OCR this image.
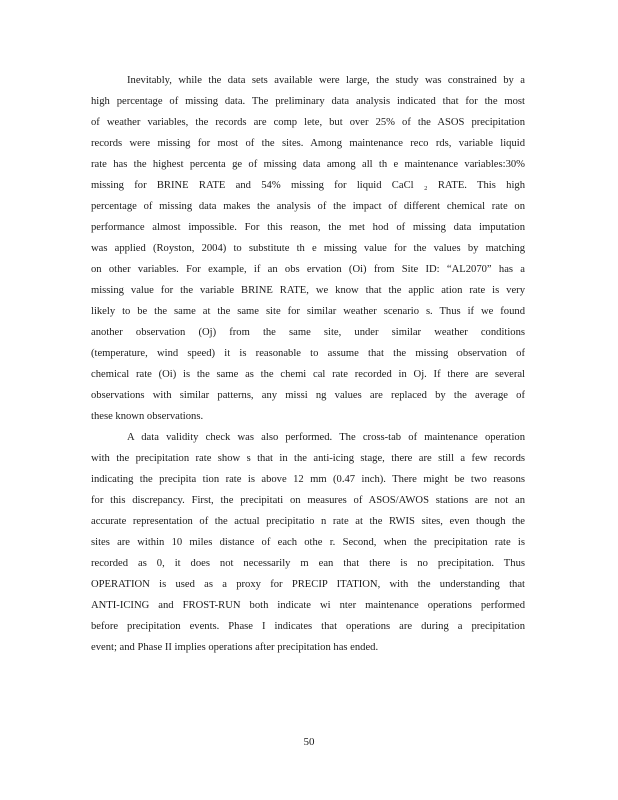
Inevitably, while the data sets available were large, the study was constrained by a
high percentage of missing data. The preliminary data analysis indicated that for the most
of weather variables, the records are comp lete, but over 25% of the ASOS precipitation
records were missing for most of the sites. Among maintenance reco rds, variable liquid
rate has the highest percenta ge of missing data among all th e maintenance variables:30%
missing for BRINE RATE and 54% missing for liquid CaCl ₂ RATE. This high
percentage of missing data makes the analysis of the impact of different chemical rate on
performance almost impossible. For this reason, the met hod of missing data imputation
was applied (Royston, 2004) to substitute th e missing value for the values by matching
on other variables. For example, if an obs ervation (Oi) from Site ID: “AL2070” has a
missing value for the variable BRINE RATE, we know that the applic ation rate is very
likely to be the same at the same site for similar weather scenario s. Thus if we found
another observation (Oj) from the same site, under similar weather conditions
(temperature, wind speed) it is reasonable to assume that the missing observation of
chemical rate (Oi) is the same as the chemi cal rate recorded in Oj. If there are several
observations with similar patterns, any missi ng values are replaced by the average of
these known observations.
A data validity check was also performed. The cross-tab of maintenance operation
with the precipitation rate show s that in the anti-icing stage, there are still a few records
indicating the precipita tion rate is above 12 mm (0.47 inch). There might be two reasons
for this discrepancy. First, the precipitati on measures of ASOS/AWOS stations are not an
accurate representation of the actual precipitatio n rate at the RWIS sites, even though the
sites are within 10 miles distance of each othe r. Second, when the precipitation rate is
recorded as 0, it does not necessarily m ean that there is no precipitation. Thus
OPERATION is used as a proxy for PRECIP ITATION, with the understanding that
ANTI-ICING and FROST-RUN both indicate wi nter maintenance operations performed
before precipitation events. Phase I indicates that operations are during a precipitation
event; and Phase II implies operations after precipitation has ended.
50
